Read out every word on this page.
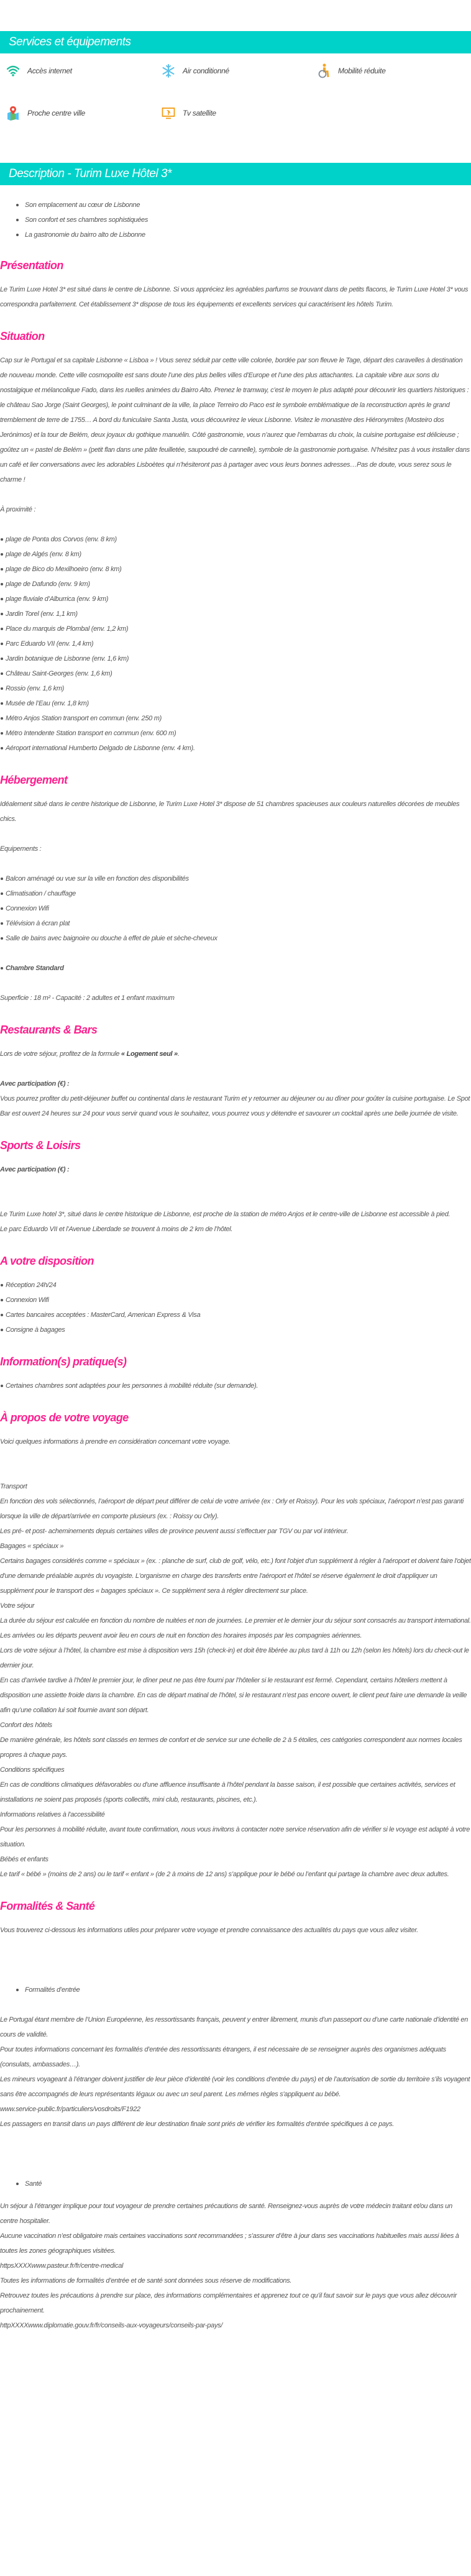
Services et équipements
Accès internet	Air conditionné	Mobilité réduite
Proche centre ville	Tv satellite
Description - Turim Luxe Hôtel 3*
Son emplacement au cœur de Lisbonne
Son confort et ses chambres sophistiquées
La gastronomie du bairro alto de Lisbonne
Présentation

Le Turim Luxe Hotel 3* est situé dans le centre de Lisbonne. Si vous appréciez les agréables parfums se trouvant dans de petits flacons, le Turim Luxe Hotel 3* vous correspondra parfaitement. Cet établissement 3* dispose de tous les équipements et excellents services qui caractérisent les hôtels Turim.

Situation

Cap sur le Portugal et sa capitale Lisbonne « Lisboa » ! Vous serez séduit par cette ville colorée, bordée par son fleuve le Tage, départ des caravelles à destination de nouveau monde. Cette ville cosmopolite est sans doute l’une des plus belles villes d’Europe et l’une des plus attachantes. La capitale vibre aux sons du nostalgique et mélancolique Fado, dans les ruelles animées du Bairro Alto. Prenez le tramway, c’est le moyen le plus adapté pour découvrir les quartiers historiques : le château Sao Jorge (Saint Georges), le point culminant de la ville, la place Terreiro do Paco est le symbole emblématique de la reconstruction après le grand tremblement de terre de 1755… A bord du funiculaire Santa Justa, vous découvrirez le vieux Lisbonne. Visitez le monastère des Hiéronymites (Mosteiro dos Jerónimos) et la tour de Belém, deux joyaux du gothique manuélin. Côté gastronomie, vous n’aurez que l’embarras du choix, la cuisine portugaise est délicieuse ; goûtez un « pastel de Belém » (petit flan dans une pâte feuilletée, saupoudré de cannelle), symbole de la gastronomie portugaise. N’hésitez pas à vous installer dans un café et lier conversations avec les adorables Lisboètes qui n’hésiteront pas à partager avec vous leurs bonnes adresses…Pas de doute, vous serez sous le charme !

À proximité :

plage de Ponta dos Corvos (env. 8 km)
plage de Algés (env. 8 km)
plage de Bico do Mexilhoeiro (env. 8 km)
plage de Dafundo (env. 9 km)
plage fluviale d’Alburrica (env. 9 km)
Jardin Torel (env. 1,1 km)
Place du marquis de Plombal (env. 1,2 km)
Parc Eduardo VII (env. 1,4 km)
Jardin botanique de Lisbonne (env. 1,6 km)
Château Saint-Georges (env. 1,6 km)
Rossio (env. 1,6 km)
Musée de l’Eau (env. 1,8 km)
Métro Anjos Station transport en commun (env. 250 m)
Métro Intendente Station transport en commun (env. 600 m)
Aéroport international Humberto Delgado de Lisbonne (env. 4 km).
Hébergement

Idéalement situé dans le centre historique de Lisbonne, le Turim Luxe Hotel 3* dispose de 51 chambres spacieuses aux couleurs naturelles décorées de meubles chics.

Equipements :

Balcon aménagé ou vue sur la ville en fonction des disponibilités
Climatisation / chauffage
Connexion Wifi
Télévision à écran plat
Salle de bains avec baignoire ou douche à effet de pluie et sèche-cheveux
Chambre Standard

Superficie : 18 m² - Capacité : 2 adultes et 1 enfant maximum

Restaurants & Bars

Lors de votre séjour, profitez de la formule « Logement seul ».

Avec participation (€) :

Vous pourrez profiter du petit-déjeuner buffet ou continental dans le restaurant Turim et y retourner au déjeuner ou au dîner pour goûter la cuisine portugaise. Le Spot Bar est ouvert 24 heures sur 24 pour vous servir quand vous le souhaitez, vous pourrez vous y détendre et savourer un cocktail après une belle journée de visite.

Sports & Loisirs

Avec participation (€) :

Le Turim Luxe hotel 3*, situé dans le centre historique de Lisbonne, est proche de la station de métro Anjos et le centre-ville de Lisbonne est accessible à pied.

Le parc Eduardo VII et l’Avenue Liberdade se trouvent à moins de 2 km de l’hôtel.

A votre disposition
Réception 24h/24
Connexion Wifi
Cartes bancaires acceptées : MasterCard, American Express & Visa
Consigne à bagages
Information(s) pratique(s)
Certaines chambres sont adaptées pour les personnes à mobilité réduite (sur demande).
À propos de votre voyage

Voici quelques informations à prendre en considération concernant votre voyage.

Transport

En fonction des vols sélectionnés, l’aéroport de départ peut différer de celui de votre arrivée (ex : Orly et Roissy). Pour les vols spéciaux, l’aéroport n’est pas garanti lorsque la ville de départ/arrivée en comporte plusieurs (ex. : Roissy ou Orly).

Les pré- et post- acheminements depuis certaines villes de province peuvent aussi s'effectuer par TGV ou par vol intérieur.

Bagages « spéciaux »

Certains bagages considérés comme « spéciaux » (ex. : planche de surf, club de golf, vélo, etc.) font l'objet d'un supplément à régler à l'aéroport et doivent faire l'objet d'une demande préalable auprès du voyagiste. L'organisme en charge des transferts entre l'aéroport et l'hôtel se réserve également le droit d'appliquer un supplément pour le transport des « bagages spéciaux ». Ce supplément sera à régler directement sur place.

Votre séjour

La durée du séjour est calculée en fonction du nombre de nuitées et non de journées. Le premier et le dernier jour du séjour sont consacrés au transport international.

Les arrivées ou les départs peuvent avoir lieu en cours de nuit en fonction des horaires imposés par les compagnies aériennes.

Lors de votre séjour à l’hôtel, la chambre est mise à disposition vers 15h (check-in) et doit être libérée au plus tard à 11h ou 12h (selon les hôtels) lors du check-out le dernier jour.

En cas d’arrivée tardive à l’hôtel le premier jour, le dîner peut ne pas être fourni par l’hôtelier si le restaurant est fermé. Cependant, certains hôteliers mettent à disposition une assiette froide dans la chambre. En cas de départ matinal de l’hôtel, si le restaurant n’est pas encore ouvert, le client peut faire une demande la veille afin qu’une collation lui soit fournie avant son départ.

Confort des hôtels

De manière générale, les hôtels sont classés en termes de confort et de service sur une échelle de 2 à 5 étoiles, ces catégories correspondent aux normes locales propres à chaque pays.

Conditions spécifiques

En cas de conditions climatiques défavorables ou d'une affluence insuffisante à l'hôtel pendant la basse saison, il est possible que certaines activités, services et installations ne soient pas proposés (sports collectifs, mini club, restaurants, piscines, etc.).

Informations relatives à l'accessibilité

Pour les personnes à mobilité réduite, avant toute confirmation, nous vous invitons à contacter notre service réservation afin de vérifier si le voyage est adapté à votre situation.

Bébés et enfants

Le tarif « bébé » (moins de 2 ans) ou le tarif « enfant » (de 2 à moins de 12 ans) s’applique pour le bébé ou l’enfant qui partage la chambre avec deux adultes.

Formalités & Santé

Vous trouverez ci-dessous les informations utiles pour préparer votre voyage et prendre connaissance des actualités du pays que vous allez visiter.

Formalités d’entrée

Le Portugal étant membre de l’Union Européenne, les ressortissants français, peuvent y entrer librement, munis d’un passeport ou d’une carte nationale d’identité en cours de validité.

Pour toutes informations concernant les formalités d’entrée des ressortissants étrangers, il est nécessaire de se renseigner auprès des organismes adéquats (consulats, ambassades…).

Les mineurs voyageant à l’étranger doivent justifier de leur pièce d’identité (voir les conditions d’entrée du pays) et de l’autorisation de sortie du territoire s’ils voyagent sans être accompagnés de leurs représentants légaux ou avec un seul parent. Les mêmes règles s'appliquent au bébé.

www.service-public.fr/particuliers/vosdroits/F1922

Les passagers en transit dans un pays différent de leur destination finale sont priés de vérifier les formalités d'entrée spécifiques à ce pays.

Santé

Un séjour à l’étranger implique pour tout voyageur de prendre certaines précautions de santé. Renseignez-vous auprès de votre médecin traitant et/ou dans un centre hospitalier.

Aucune vaccination n’est obligatoire mais certaines vaccinations sont recommandées ; s’assurer d’être à jour dans ses vaccinations habituelles mais aussi liées à toutes les zones géographiques visitées.

httpsXXXXwww.pasteur.fr/fr/centre-medical

Toutes les informations de formalités d’entrée et de santé sont données sous réserve de modifications.

Retrouvez toutes les précautions à prendre sur place, des informations complémentaires et apprenez tout ce qu’il faut savoir sur le pays que vous allez découvrir prochainement.

httpXXXXwww.diplomatie.gouv.fr/fr/conseils-aux-voyageurs/conseils-par-pays/
